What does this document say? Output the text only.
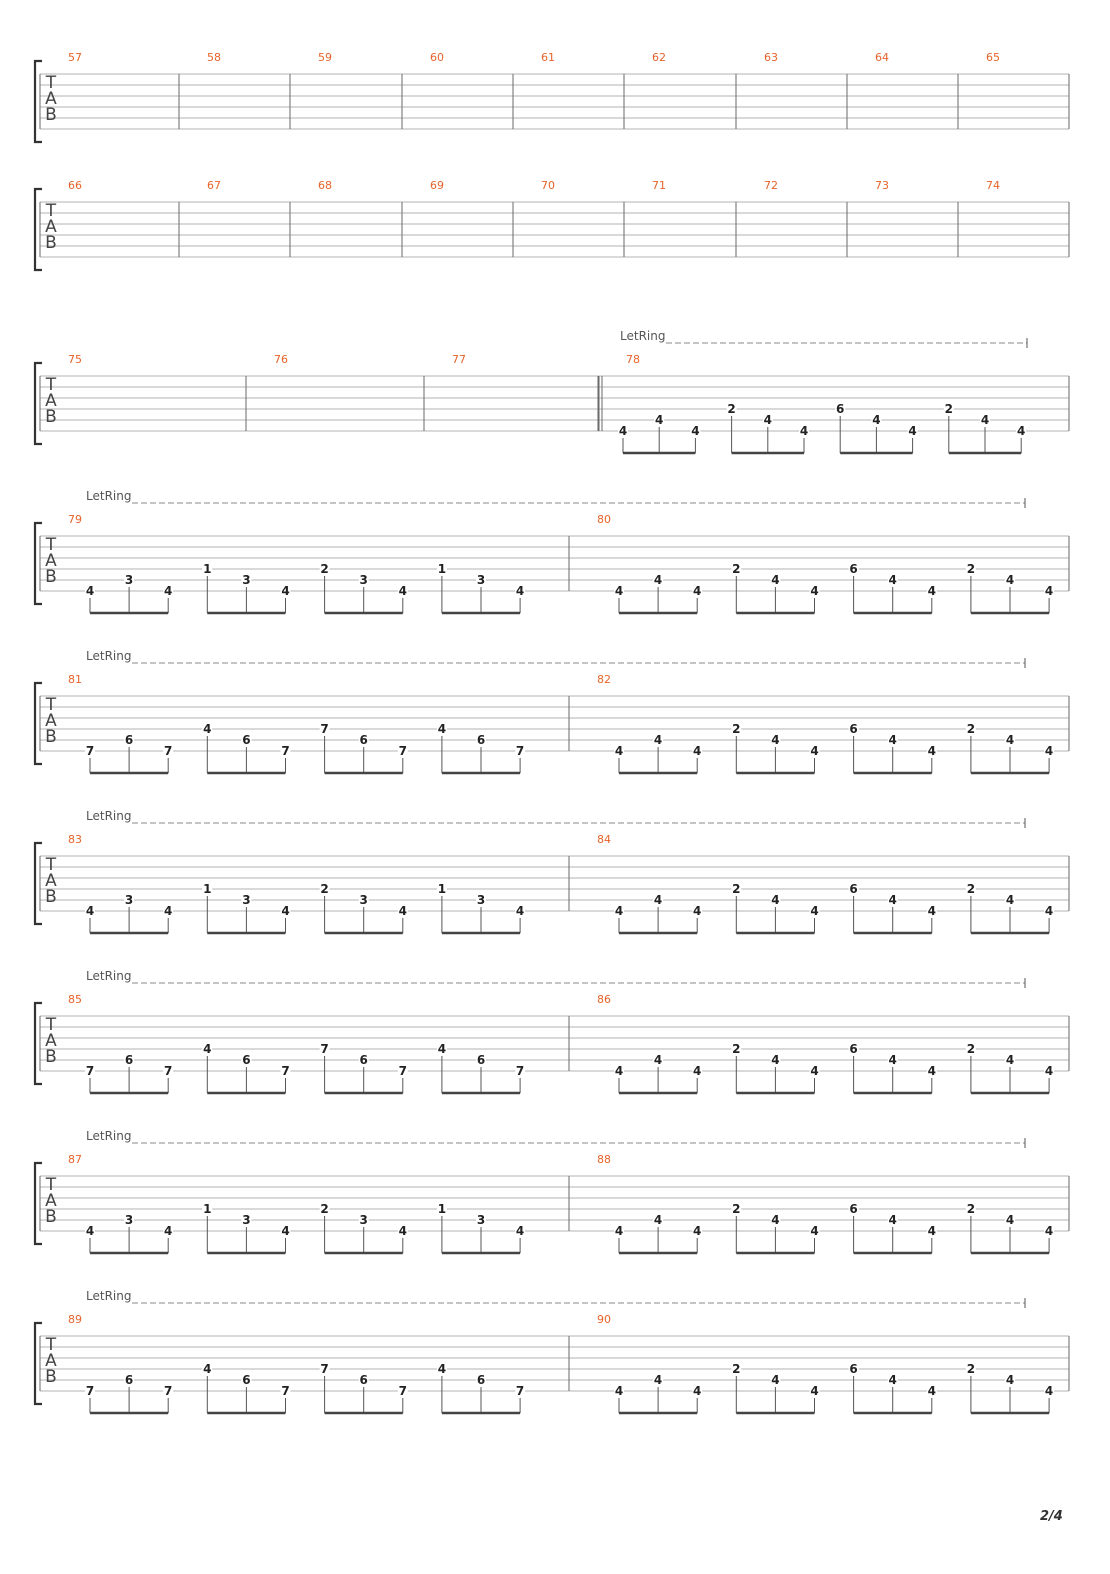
T
A
B
57	58	59	60	61	62	63	64	65
T
A
B
66	67	68	69	70	71	72	73	74
T
A
B
LetRing
75	76	77	78
4
4
4
2
4
4
6
4
4
2
4
4
T
A
B
LetRing
79
4
3
4
1
3
4
2
3
4
1
3
4
80
4
4
4
2
4
4
6
4
4
2
4
4
T
A
B
LetRing
81
7
6
7
4
6
7
7
6
7
4
6
7
82
4
4
4
2
4
4
6
4
4
2
4
4
T
A
B
LetRing
83
4
3
4
1
3
4
2
3
4
1
3
4
84
4
4
4
2
4
4
6
4
4
2
4
4
T
A
B
LetRing
85
7
6
7
4
6
7
7
6
7
4
6
7
86
4
4
4
2
4
4
6
4
4
2
4
4
T
A
B
LetRing
87
4
3
4
1
3
4
2
3
4
1
3
4
88
4
4
4
2
4
4
6
4
4
2
4
4
T
A
B
LetRing
89
7
6
7
4
6
7
7
6
7
4
6
7
90
4
4
4
2
4
4
6
4
4
2
4
4
2/4
